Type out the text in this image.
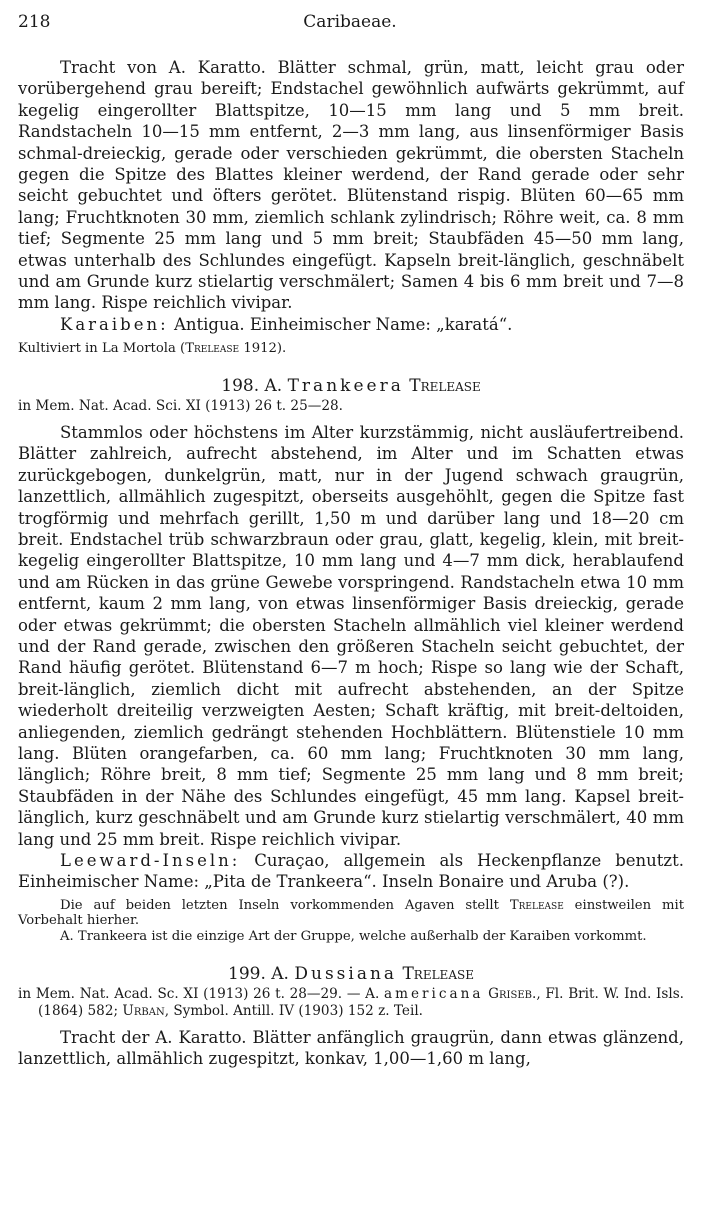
218	Caribaeae.

Tracht von A. Karatto. Blätter schmal, grün, matt, leicht grau oder vorübergehend grau bereift; Endstachel gewöhnlich aufwärts gekrümmt, auf kegelig eingerollter Blattspitze, 10—15 mm lang und 5 mm breit. Randstacheln 10—15 mm entfernt, 2—3 mm lang, aus linsenförmiger Basis schmal-dreieckig, gerade oder verschieden gekrümmt, die obersten Stacheln gegen die Spitze des Blattes kleiner werdend, der Rand gerade oder sehr seicht gebuchtet und öfters gerötet. Blütenstand rispig. Blüten 60—65 mm lang; Fruchtknoten 30 mm, ziemlich schlank zylindrisch; Röhre weit, ca. 8 mm tief; Segmente 25 mm lang und 5 mm breit; Staubfäden 45—50 mm lang, etwas unterhalb des Schlundes eingefügt. Kapseln breit-länglich, geschnäbelt und am Grunde kurz stielartig verschmälert; Samen 4 bis 6 mm breit und 7—8 mm lang. Rispe reichlich vivipar.

Karaiben: Antigua. Einheimischer Name: „karatá“.

Kultiviert in La Mortola (Trelease 1912).

198. A. Trankeera Trelease

in Mem. Nat. Acad. Sci. XI (1913) 26 t. 25—28.

Stammlos oder höchstens im Alter kurzstämmig, nicht ausläufertreibend. Blätter zahlreich, aufrecht abstehend, im Alter und im Schatten etwas zurückgebogen, dunkelgrün, matt, nur in der Jugend schwach graugrün, lanzettlich, allmählich zugespitzt, oberseits ausgehöhlt, gegen die Spitze fast trogförmig und mehrfach gerillt, 1,50 m und darüber lang und 18—20 cm breit. Endstachel trüb schwarzbraun oder grau, glatt, kegelig, klein, mit breit-kegelig eingerollter Blattspitze, 10 mm lang und 4—7 mm dick, herablaufend und am Rücken in das grüne Gewebe vorspringend. Randstacheln etwa 10 mm entfernt, kaum 2 mm lang, von etwas linsenförmiger Basis dreieckig, gerade oder etwas gekrümmt; die obersten Stacheln allmählich viel kleiner werdend und der Rand gerade, zwischen den größeren Stacheln seicht gebuchtet, der Rand häufig gerötet. Blütenstand 6—7 m hoch; Rispe so lang wie der Schaft, breit-länglich, ziemlich dicht mit aufrecht abstehenden, an der Spitze wiederholt dreiteilig verzweigten Aesten; Schaft kräftig, mit breit-deltoiden, anliegenden, ziemlich gedrängt stehenden Hochblättern. Blütenstiele 10 mm lang. Blüten orangefarben, ca. 60 mm lang; Fruchtknoten 30 mm lang, länglich; Röhre breit, 8 mm tief; Segmente 25 mm lang und 8 mm breit; Staubfäden in der Nähe des Schlundes eingefügt, 45 mm lang. Kapsel breit-länglich, kurz geschnäbelt und am Grunde kurz stielartig verschmälert, 40 mm lang und 25 mm breit. Rispe reichlich vivipar.

Leeward-Inseln: Curaçao, allgemein als Heckenpflanze benutzt. Einheimischer Name: „Pita de Trankeera“. Inseln Bonaire und Aruba (?).

Die auf beiden letzten Inseln vorkommenden Agaven stellt Trelease einstweilen mit Vorbehalt hierher.

A. Trankeera ist die einzige Art der Gruppe, welche außerhalb der Karaiben vorkommt.

199. A. Dussiana Trelease

in Mem. Nat. Acad. Sc. XI (1913) 26 t. 28—29. — A. americana Griseb., Fl. Brit. W. Ind. Isls. (1864) 582; Urban, Symbol. Antill. IV (1903) 152 z. Teil.

Tracht der A. Karatto. Blätter anfänglich graugrün, dann etwas glänzend, lanzettlich, allmählich zugespitzt, konkav, 1,00—1,60 m lang,
